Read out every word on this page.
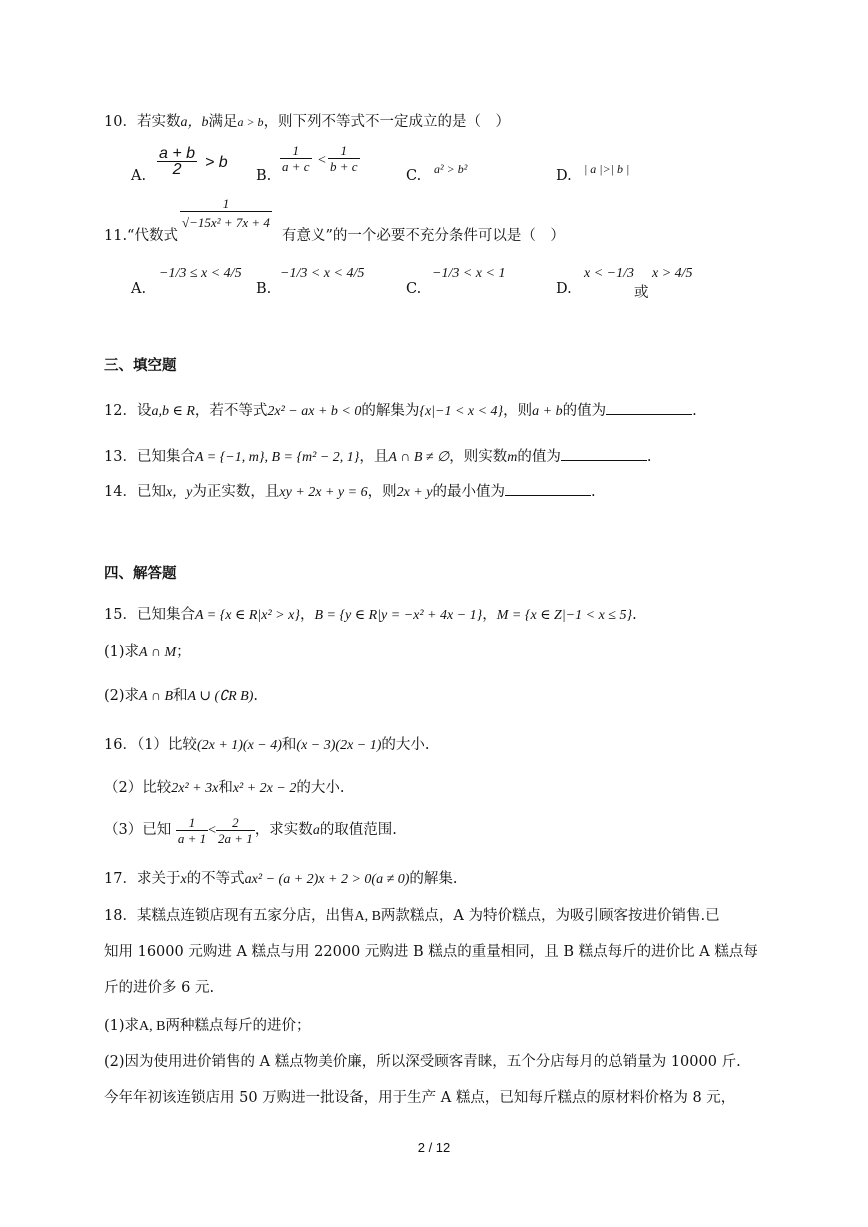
10．若实数a，b满足a > b，则下列不等式不一定成立的是（　）
A. $\frac{a + b}{2} > b$
B.
$\frac{1}{a + c} < \frac{1}{b + c}$
C. a² > b²	D. | a |>| b |
11.“代数式	有意义”的一个必要不充分条件可以是（　）
$\frac{1}{\text{√−15x² + 7x + 4}}$
A.
−1/3 ≤ x < 4/5
B.
−1/3 < x < 4/5
C.
−1/3 < x < 1
D.
x < −1/3
或
x > 4/5
三、填空题
12．设a,b ∈ R，若不等式2x² − ax + b < 0的解集为{x|−1 < x < 4}，则a + b的值为	.
13．已知集合A = {−1, m}, B = {m² − 2, 1}，且A ∩ B ≠ ∅，则实数m的值为	.
14．已知x，y为正实数，且xy + 2x + y = 6，则2x + y的最小值为	.
四、解答题
15．已知集合A = {x ∈ R|x² > x}，B = {y ∈ R|y = −x² + 4x − 1}，M = {x ∈ Z|−1 < x ≤ 5}.
(1)求A ∩ M；
(2)求A ∩ B和A ∪ (∁R B).
16．（1）比较(2x + 1)(x − 4)和(x − 3)(2x − 1)的大小.
（2）比较2x² + 3x和x² + 2x − 2的大小.
（3）已知 $\frac{1}{a + 1} < \frac{2}{2a + 1}$ ，求实数a的取值范围.
17．求关于x的不等式ax² − (a + 2)x + 2 > 0(a ≠ 0)的解集.
18．某糕点连锁店现有五家分店，出售A, B两款糕点，A 为特价糕点，为吸引顾客按进价销售.已
知用 16000 元购进 A 糕点与用 22000 元购进 B 糕点的重量相同，且 B 糕点每斤的进价比 A 糕点每
斤的进价多 6 元.
(1)求A, B两种糕点每斤的进价；
(2)因为使用进价销售的 A 糕点物美价廉，所以深受顾客青睐，五个分店每月的总销量为 10000 斤.
今年年初该连锁店用 50 万购进一批设备，用于生产 A 糕点，已知每斤糕点的原材料价格为 8 元，
2 / 12
